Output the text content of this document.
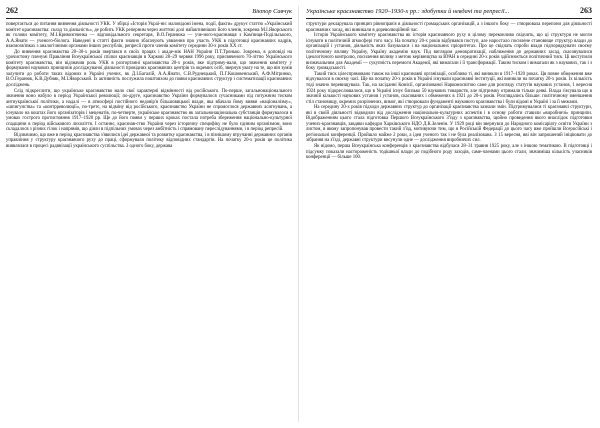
262	Віктор Савчук

повертається до питання вивчення діяльності УКК. У збірці «Історія Украї-ни: маловідомі імена, події, факти» друкує статтю «Український комітет краєзнавства: склад та діяльність», де робить УКК реперним через життєві долі найактивніших його членів, зокрема М.І.Яворського як голови комітету, М.І.Кривоэпченка — відповідального секретаря, В.О.Геранюка — уче-ного-краєзнавця з Кам'янця-Подільського, А.А.Янати — ученого-біолога. Наведені в статті факти значно збагачують уявлення про участь УКК в підготовці краєзнавчих кадрів, взаємозв'язках з аналогічними органами інших республік, репресії проти членів комітету середини 30-х років XX ст.

До вивчення краєзнавства 20–30-х років звертався в своїх працях і акаде-мік НАН України П.Т.Тронько. Зокрема, в доповіді на урочистому пленумі Правління Всеукраїнської спілки краєзнавців в Харкові 28–29 червня 1996 року, присвяченого 70-літтю Українського комітету краєзнавства, він відзначив роль УКК в розгортанні краєзнавства 20-х років, яке підтриму-вали, що значення комітету у формуванні наукових принципів досліджуваної діяльності провідних краєзнавчих центрів та окремих осіб, звернув увагу на те, що він зумів залучити до роботи таких відомих в Україні учених, як Д.І.Багалій, А.А.Янати, С.В.Руднецький, П.Г.Кошовенський, А.Ф.Мітринко, В.О.Геранюк, К.В.Дубняк, М.І.Яворський. Їх активність послужила поштовхом до появи краєзнавчих структур і систематизації краєзнавчих досліджень.

Слід підкреслити, що українське краєзнавство мало свої характерні відмінності від російського. По-перше, загальнонаціонального значення воно набуло в період Української революції; по-друге, краєзнавство України формувалося сучасниками під потужним тиском антиукраїнської політики, а надалі — в атмосфері постійного недовір'я більшовицької влади, яка вбачала йому вияви «націоналізму», «шпигунства» та «контрреволюції», по-третє, на відміну від російського, краєзнавство України не спромоглося державних асигнувань, а існувало на коштах його організаторів і меценатів, по-четверте, українське краєзнавство як загальнонаціональна субстанція формувалося в умовах гострого протистояння 1917–1920 рр. Ще до його появи у перших кроках постала потреба збереження національно-культурної спадщини в період військового лихоліття. І останнє, краєзнав-ство України через історичну специфіку не було єдиним організмом, воно складалося з різних гілок і напрямів, що діяли в підпільних умовах через амбітність і спрямовану переслідуваннями, і в період репресій.

Відзначимо, що вже в період краєзнавства з'явилися ідеї державної та розвитку краєзнавства, і в пізнішому втручанні державних органів управління у структуру краєзнавчого руху до праці, сформували політику відповідних стандартів. На початку 20-х років це політика виявлялася в процесі радянізації українського суспільства. З одного боку, держава

Українське краєзнавство 1920–1930-х рр.: здобутки й невдачі та репресії...	263

структури декларувала принцип рівноправ'я в діяльності громадських організацій, а з іншого боку — створювала перепони для діяльності краєзнавчих засад, які виникали в дореволюційний час.

Історія Українського комітету краєзнавства як історія краєзнавчого руху в цілому переконливо свідчить, що ці структури не могли існувати в політичній атмосфері того часу. На початку 20-х років відбувався поступ, але наростало посилене становище структур влади до організацій і установ, діяльність яких базувалася і на національних пріоритетах. Про це свідчать спроби влади підпорядкувати своєму політичному впливу Україну, Україну академію наук. Під виглядом демократизації, наближення до державних засад, скасовувалися ідеологічного контролю, посилення впливу з метою керівництва за ВУАН в середині 20-х років здійснюється політичний тиск. Ці виступили визначальним для Академії — сукупність перемоги Академії, які вимагали і її трансформації. Таким тиском і вимагали як з наукових, так і з боку громадськості.

Такий тиск цілеспрямовано також на інші краєзнавчі організації, особливо ті, які виникли в 1917–1920 роках. Ця повне обмеження вже відчувалося в своєму часі. Ще на початку 20-х років в Україні існували краєзнавчі інституції, які виникли на початку 20-х років. Їх кількість тоді значно перевищувала. Так, на засіданні Комісії, організованої Наркомосвітою саме для розгляду статутів наукових установ, 1 вересня 1924 року підкреслювалося, що в Україні існує близько 50 наукових товариств, але підтримку отримали тільки деякі. Влада з'ясувала що в значній кількості наукових установ і установ, скасованих і обмежених в 1921 до 20-х років. Розглядались більше: політичному зменшення стіл становищу, окремих розрізнених, вимог, які створювали фундаменті наукового краєзнавства і були відомі в Україні і за її межами.

На середину 20-х років підходи державних структур до організації краєзнавства зазнали змін. Підтримувалися ті краєзнавчі структури, які в своїй діяльності відводили від дослідження національно-культурних аспектів і в основу роботи ставили «виробничі» принципи. Відображенням цього стала підготовка Першого Всеукраїнського З'їзду з краєзнавства, щойно проведення якого внаслідок підготовки учених-краєзнавців, завдяки кафедри Харківського НДО Д.К.Зеленін. У 1929 році він звернувся до Народного комісаріату освіти України з листом, в якому запропонував провести такий з'їзд, мотивуючи тим, що в Російській Федерації до цього часу вже пройшли Всеросійські і регіональні конференції. Пройшло майже 2 роки, а ідея ученого так і не була реалізована. З 15 вересня, вві він запрошений ініціювати до зібрання на з'їзді, державні структури висунули одне — дослідження виробничих сил.

Як відомо, перша Всеукраїнська конференція з краєзнавства відбулася 28–31 травня 1925 року, але з іншою тематикою. В підготовці і підсумку показали настороженість тодішньої влади до подібного роду заходів, саме-членами цього стали, значиміша кількість учасників конференції — більше 100.
